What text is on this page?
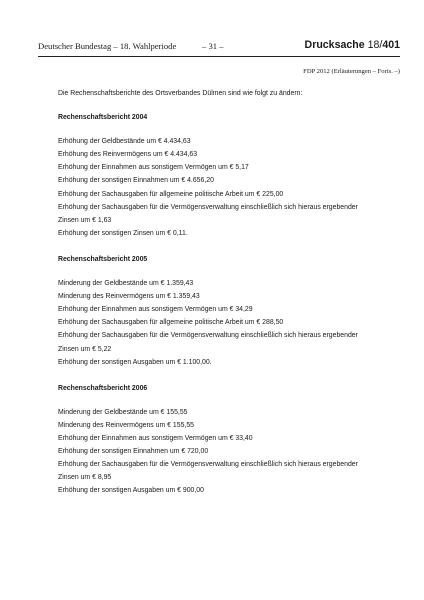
Deutscher Bundestag – 18. Wahlperiode	– 31 –	Drucksache 18/401
FDP 2012 (Erläuterungen – Forts. –)

Die Rechenschaftsberichte des Ortsverbandes Dülmen sind wie folgt zu ändern:

Rechenschaftsbericht 2004

Erhöhung der Geldbestände um € 4.434,63

Erhöhung des Reinvermögens um € 4.434,63

Erhöhung der Einnahmen aus sonstigem Vermögen um € 5,17

Erhöhung der sonstigen Einnahmen um € 4.656,20

Erhöhung der Sachausgaben für allgemeine politische Arbeit um € 225,00

Erhöhung der Sachausgaben für die Vermögensverwaltung einschließlich sich hieraus ergebender Zinsen um € 1,63

Erhöhung der sonstigen Zinsen um € 0,11.

Rechenschaftsbericht 2005

Minderung der Geldbestände um € 1.359,43

Minderung des Reinvermögens um € 1.359,43

Erhöhung der Einnahmen aus sonstigem Vermögen um € 34,29

Erhöhung der Sachausgaben für allgemeine politische Arbeit um € 288,50

Erhöhung der Sachausgaben für die Vermögensverwaltung einschließlich sich hieraus ergebender Zinsen um € 5,22

Erhöhung der sonstigen Ausgaben um € 1.100,00.

Rechenschaftsbericht 2006

Minderung der Geldbestände um € 155,55

Minderung des Reinvermögens um € 155,55

Erhöhung der Einnahmen aus sonstigem Vermögen um € 33,40

Erhöhung der sonstigen Einnahmen um € 720,00

Erhöhung der Sachausgaben für die Vermögensverwaltung einschließlich sich hieraus ergebender Zinsen um € 8,95

Erhöhung der sonstigen Ausgaben um € 900,00
